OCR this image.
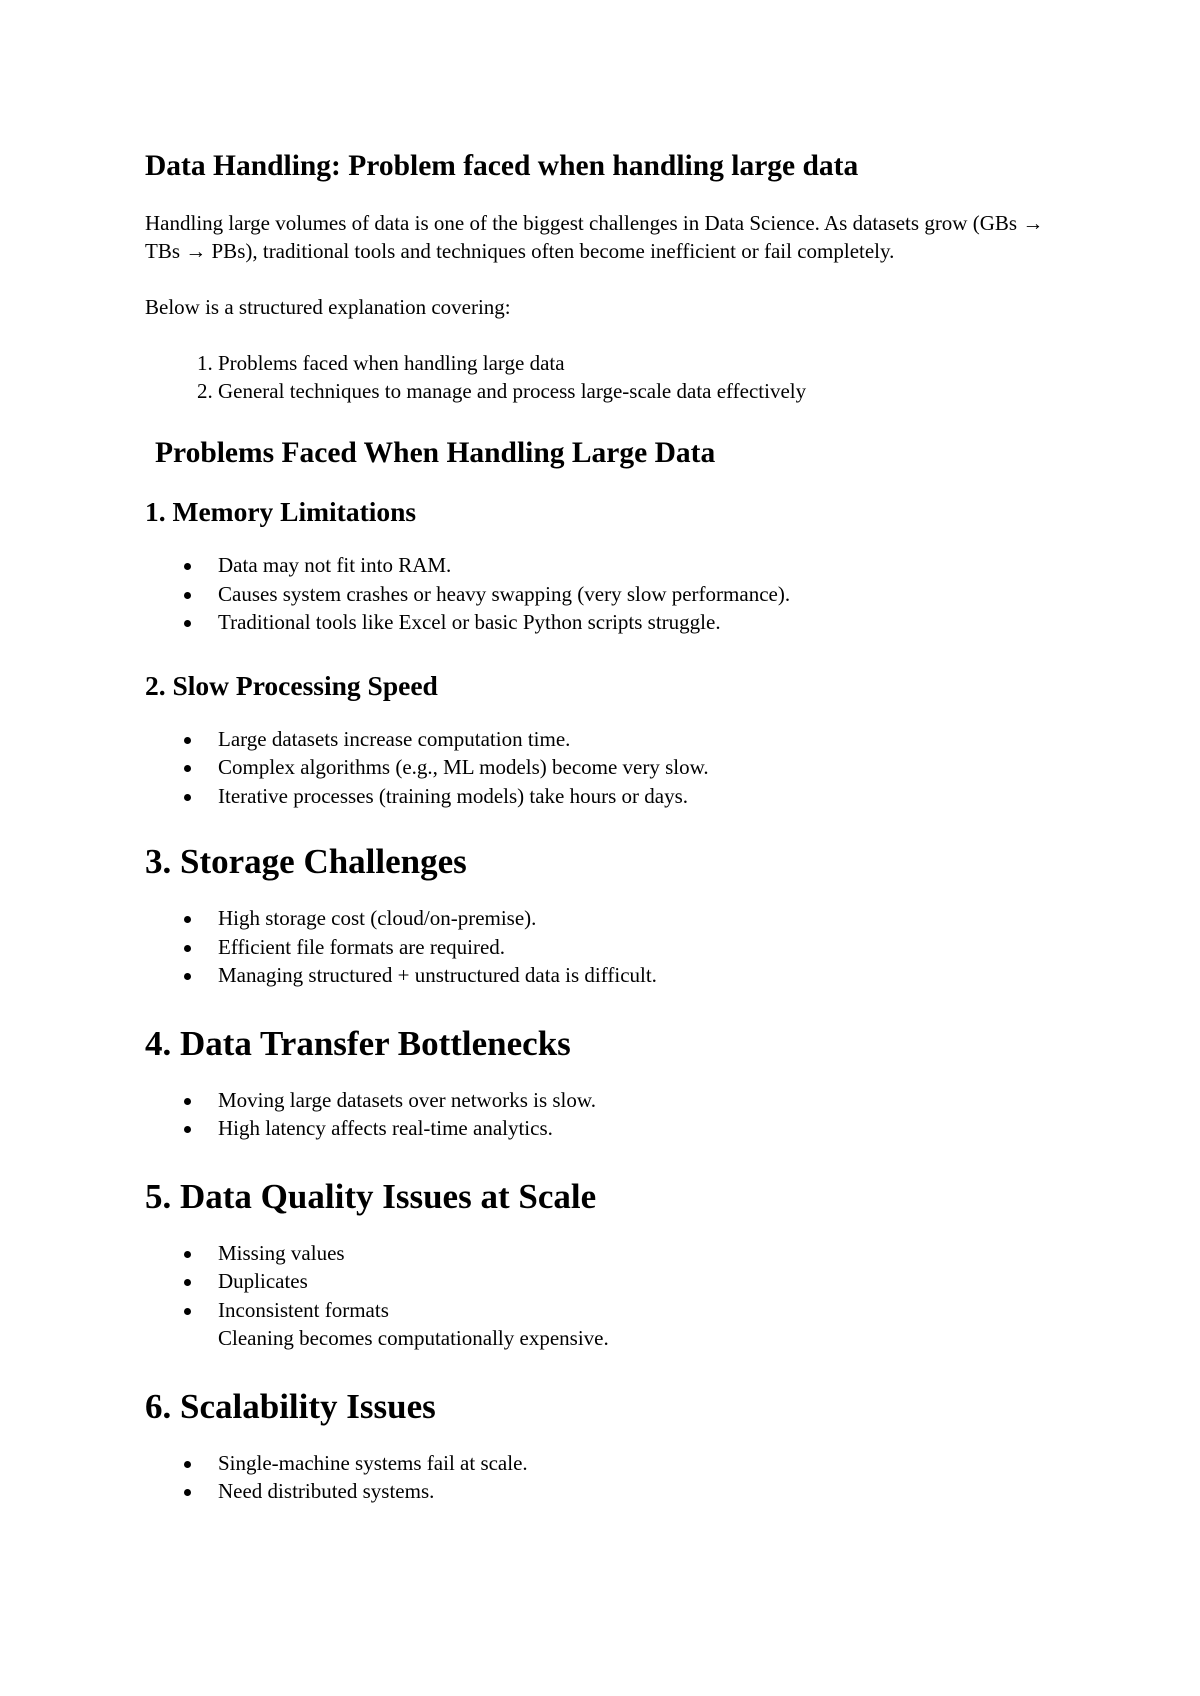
Data Handling: Problem faced when handling large data

Handling large volumes of data is one of the biggest challenges in Data Science. As datasets grow (GBs → TBs → PBs), traditional tools and techniques often become inefficient or fail completely.

Below is a structured explanation covering:

1. Problems faced when handling large data
2. General techniques to manage and process large-scale data effectively
Problems Faced When Handling Large Data
1. Memory Limitations
Data may not fit into RAM.
Causes system crashes or heavy swapping (very slow performance).
Traditional tools like Excel or basic Python scripts struggle.
2. Slow Processing Speed
Large datasets increase computation time.
Complex algorithms (e.g., ML models) become very slow.
Iterative processes (training models) take hours or days.
3. Storage Challenges
High storage cost (cloud/on-premise).
Efficient file formats are required.
Managing structured + unstructured data is difficult.
4. Data Transfer Bottlenecks
Moving large datasets over networks is slow.
High latency affects real-time analytics.
5. Data Quality Issues at Scale
Missing values
Duplicates
Inconsistent formats
Cleaning becomes computationally expensive.
6. Scalability Issues
Single-machine systems fail at scale.
Need distributed systems.
